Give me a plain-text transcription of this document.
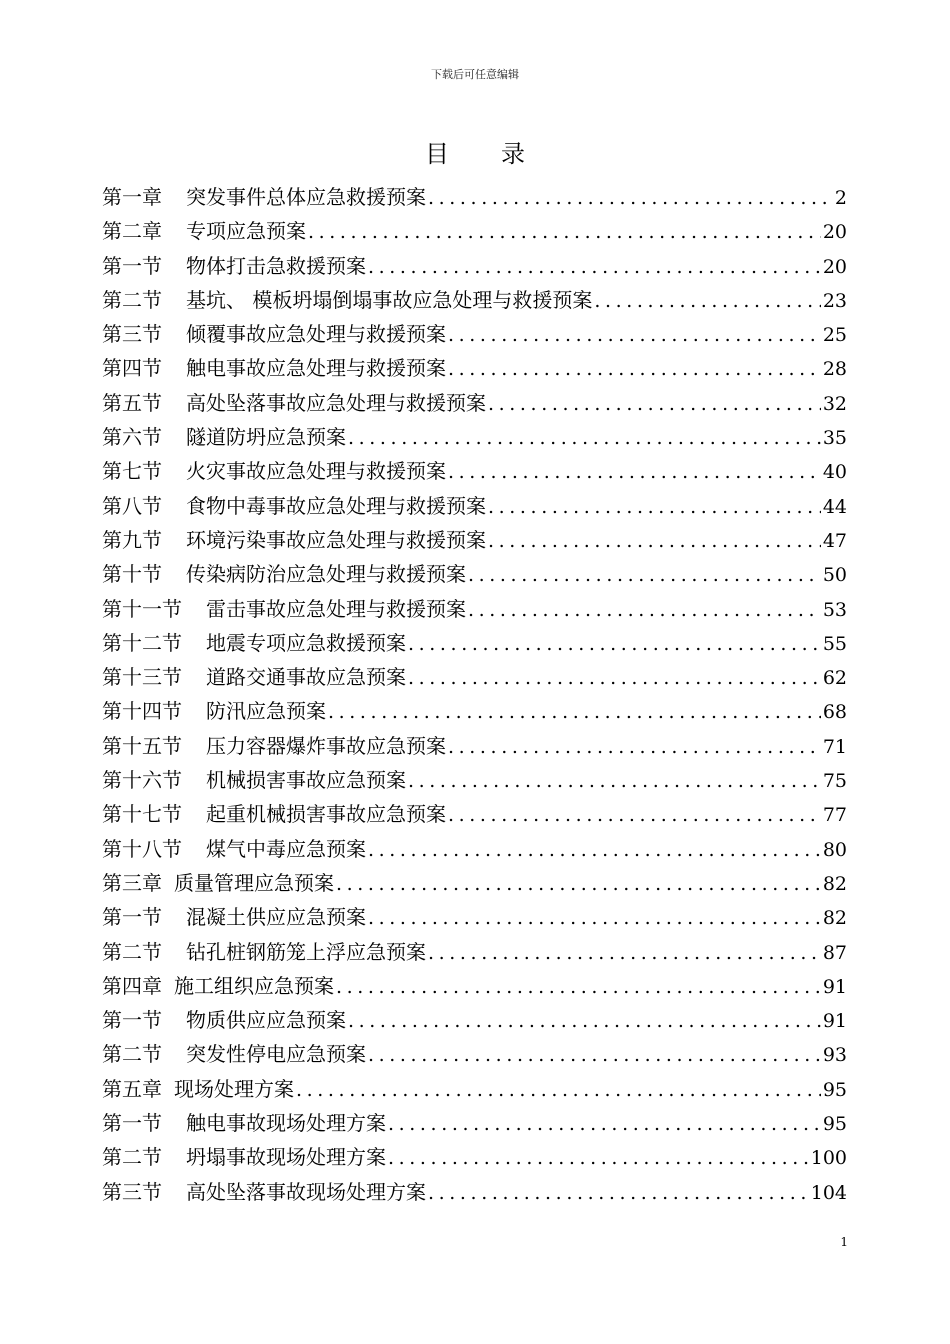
下载后可任意编辑
目录
第一章 突发事件总体应急救援预案 .....	2
第二章 专项应急预案 .....	20
第一节 物体打击急救援预案 .....	20
第二节 基坑、 模板坍塌倒塌事故应急处理与救援预案 .....	23
第三节 倾覆事故应急处理与救援预案 .....	25
第四节 触电事故应急处理与救援预案 .....	28
第五节 高处坠落事故应急处理与救援预案 .....	32
第六节 隧道防坍应急预案 .....	35
第七节 火灾事故应急处理与救援预案 .....	40
第八节 食物中毒事故应急处理与救援预案 .....	44
第九节 环境污染事故应急处理与救援预案 .....	47
第十节 传染病防治应急处理与救援预案 .....	50
第十一节 雷击事故应急处理与救援预案 .....	53
第十二节 地震专项应急救援预案 .....	55
第十三节 道路交通事故应急预案 .....	62
第十四节 防汛应急预案 .....	68
第十五节 压力容器爆炸事故应急预案 .....	71
第十六节 机械损害事故应急预案 .....	75
第十七节 起重机械损害事故应急预案 .....	77
第十八节 煤气中毒应急预案 .....	80
第三章 质量管理应急预案 .....	82
第一节 混凝土供应应急预案 .....	82
第二节 钻孔桩钢筋笼上浮应急预案 .....	87
第四章 施工组织应急预案 .....	91
第一节 物质供应应急预案 .....	91
第二节 突发性停电应急预案 .....	93
第五章 现场处理方案 .....	95
第一节 触电事故现场处理方案 .....	95
第二节 坍塌事故现场处理方案 .....	100
第三节 高处坠落事故现场处理方案 .....	104
1
